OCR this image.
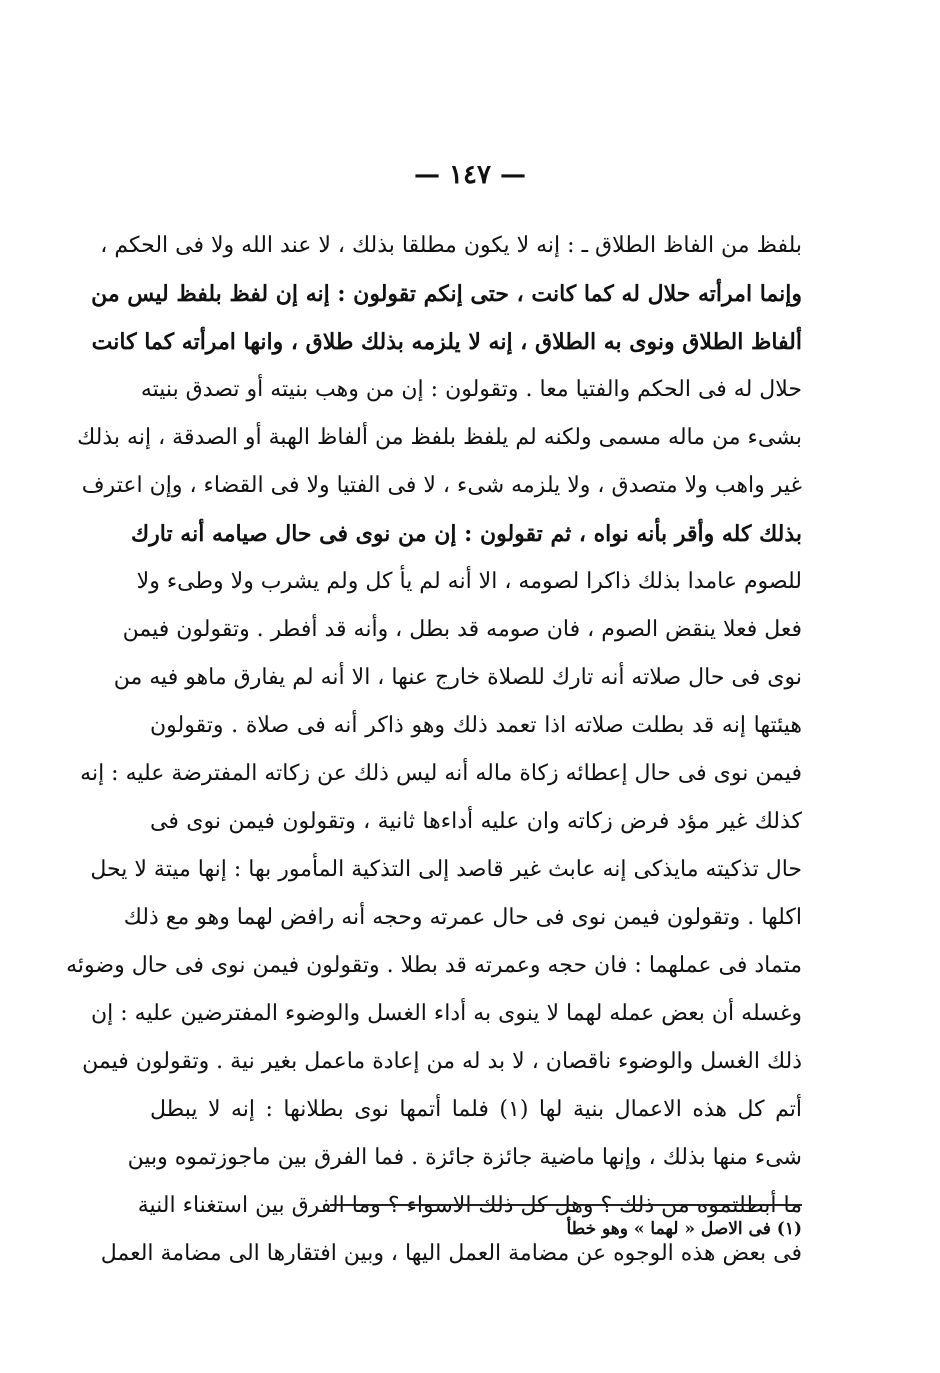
— ١٤٧ —
بلفظ من الفاظ الطلاق ـ : إنه لا يكون مطلقا بذلك ، لا عند الله ولا فى الحكم ،
وإنما امرأته حلال له كما كانت ، حتى إنكم تقولون : إنه إن لفظ بلفظ ليس من
ألفاظ الطلاق ونوى به الطلاق ، إنه لا يلزمه بذلك طلاق ، وانها امرأته كما كانت
حلال له فى الحكم والفتيا معا . وتقولون : إن من وهب بنيته أو تصدق بنيته
بشىء من ماله مسمى ولكنه لم يلفظ بلفظ من ألفاظ الهبة أو الصدقة ، إنه بذلك
غير واهب ولا متصدق ، ولا يلزمه شىء ، لا فى الفتيا ولا فى القضاء ، وإن اعترف
بذلك كله وأقر بأنه نواه ، ثم تقولون : إن من نوى فى حال صيامه أنه تارك
للصوم عامدا بذلك ذاكرا لصومه ، الا أنه لم يأ كل ولم يشرب ولا وطىء ولا
فعل فعلا ينقض الصوم ، فان صومه قد بطل ، وأنه قد أفطر . وتقولون فيمن
نوى فى حال صلاته أنه تارك للصلاة خارج عنها ، الا أنه لم يفارق ماهو فيه من
هيئتها إنه قد بطلت صلاته اذا تعمد ذلك وهو ذاكر أنه فى صلاة . وتقولون
فيمن نوى فى حال إعطائه زكاة ماله أنه ليس ذلك عن زكاته المفترضة عليه : إنه
كذلك غير مؤد فرض زكاته وان عليه أداءها ثانية ، وتقولون فيمن نوى فى
حال تذكيته مايذكى إنه عابث غير قاصد إلى التذكية المأمور بها : إنها ميتة لا يحل
اكلها . وتقولون فيمن نوى فى حال عمرته وحجه أنه رافض لهما وهو مع ذلك
متماد فى عملهما : فان حجه وعمرته قد بطلا . وتقولون فيمن نوى فى حال وضوئه
وغسله أن بعض عمله لهما لا ينوى به أداء الغسل والوضوء المفترضين عليه : إن
ذلك الغسل والوضوء ناقصان ، لا بد له من إعادة ماعمل بغير نية . وتقولون فيمن
أتم كل هذه الاعمال بنية لها (١) فلما أتمها نوى بطلانها : إنه لا يبطل
شىء منها بذلك ، وإنها ماضية جائزة جائزة . فما الفرق بين ماجوزتموه وبين
ما أبطلتموه من ذلك ؟ وهل كل ذلك الاسواء ؟ وما الفرق بين استغناء النية
فى بعض هذه الوجوه عن مضامة العمل اليها ، وبين افتقارها الى مضامة العمل
(١) فى الاصل « لهما » وهو خطأ
